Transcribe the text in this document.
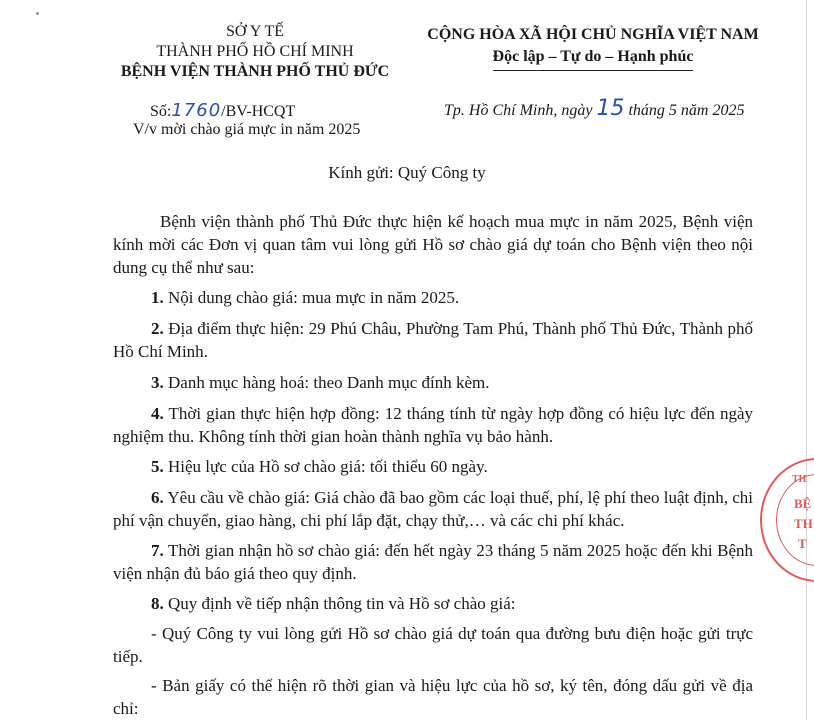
SỞ Y TẾ
THÀNH PHỐ HỒ CHÍ MINH
BỆNH VIỆN THÀNH PHỐ THỦ ĐỨC
CỘNG HÒA XÃ HỘI CHỦ NGHĨA VIỆT NAM
Độc lập – Tự do – Hạnh phúc
Số:1760/BV-HCQT
V/v mời chào giá mực in năm 2025
Tp. Hồ Chí Minh, ngày 15 tháng 5 năm 2025
Kính gửi: Quý Công ty
Bệnh viện thành phố Thủ Đức thực hiện kế hoạch mua mực in năm 2025, Bệnh viện kính mời các Đơn vị quan tâm vui lòng gửi Hồ sơ chào giá dự toán cho Bệnh viện theo nội dung cụ thể như sau:
1. Nội dung chào giá: mua mực in năm 2025.
2. Địa điểm thực hiện: 29 Phú Châu, Phường Tam Phú, Thành phố Thủ Đức, Thành phố Hồ Chí Minh.
3. Danh mục hàng hoá: theo Danh mục đính kèm.
4. Thời gian thực hiện hợp đồng: 12 tháng tính từ ngày hợp đồng có hiệu lực đến ngày nghiệm thu. Không tính thời gian hoàn thành nghĩa vụ bảo hành.
5. Hiệu lực của Hồ sơ chào giá: tối thiểu 60 ngày.
6. Yêu cầu về chào giá: Giá chào đã bao gồm các loại thuế, phí, lệ phí theo luật định, chi phí vận chuyển, giao hàng, chi phí lắp đặt, chạy thử,… và các chi phí khác.
7. Thời gian nhận hồ sơ chào giá: đến hết ngày 23 tháng 5 năm 2025 hoặc đến khi Bệnh viện nhận đủ báo giá theo quy định.
8. Quy định về tiếp nhận thông tin và Hồ sơ chào giá:
- Quý Công ty vui lòng gửi Hồ sơ chào giá dự toán qua đường bưu điện hoặc gửi trực tiếp.
- Bản giấy có thể hiện rõ thời gian và hiệu lực của hồ sơ, ký tên, đóng dấu gửi về địa chỉ:
TH
BỆ
TH
T
